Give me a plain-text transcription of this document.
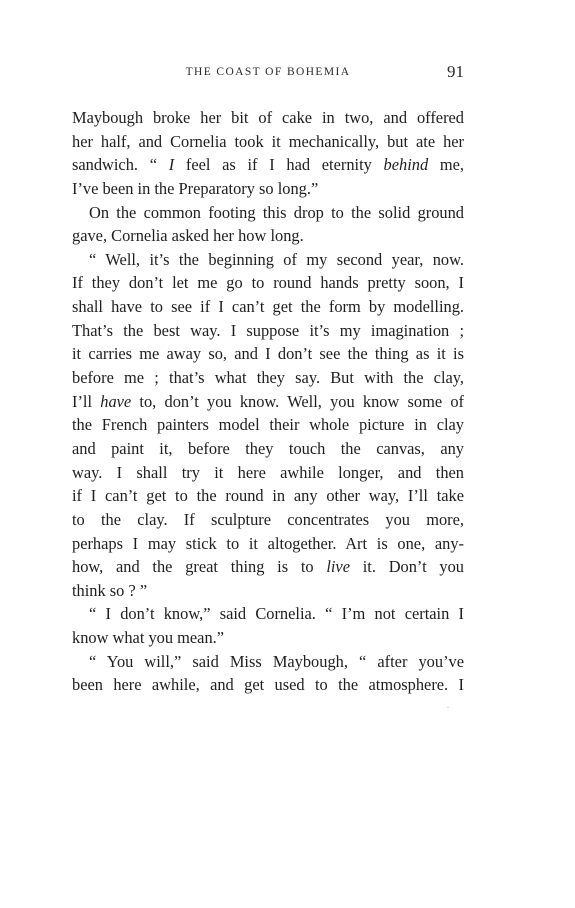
THE COAST OF BOHEMIA	91
Maybough broke her bit of cake in two, and offered
her half, and Cornelia took it mechanically, but ate her
sandwich. “ I feel as if I had eternity behind me,
I’ve been in the Preparatory so long.”
On the common footing this drop to the solid ground
gave, Cornelia asked her how long.
“ Well, it’s the beginning of my second year, now.
If they don’t let me go to round hands pretty soon, I
shall have to see if I can’t get the form by modelling.
That’s the best way. I suppose it’s my imagination ;
it carries me away so, and I don’t see the thing as it is
before me ; that’s what they say. But with the clay,
I’ll have to, don’t you know. Well, you know some of
the French painters model their whole picture in clay
and paint it, before they touch the canvas, any
way. I shall try it here awhile longer, and then
if I can’t get to the round in any other way, I’ll take
to the clay. If sculpture concentrates you more,
perhaps I may stick to it altogether. Art is one, any-
how, and the great thing is to live it. Don’t you
think so ? ”
“ I don’t know,” said Cornelia. “ I’m not certain I
know what you mean.”
“ You will,” said Miss Maybough, “ after you’ve
been here awhile, and get used to the atmosphere. I
